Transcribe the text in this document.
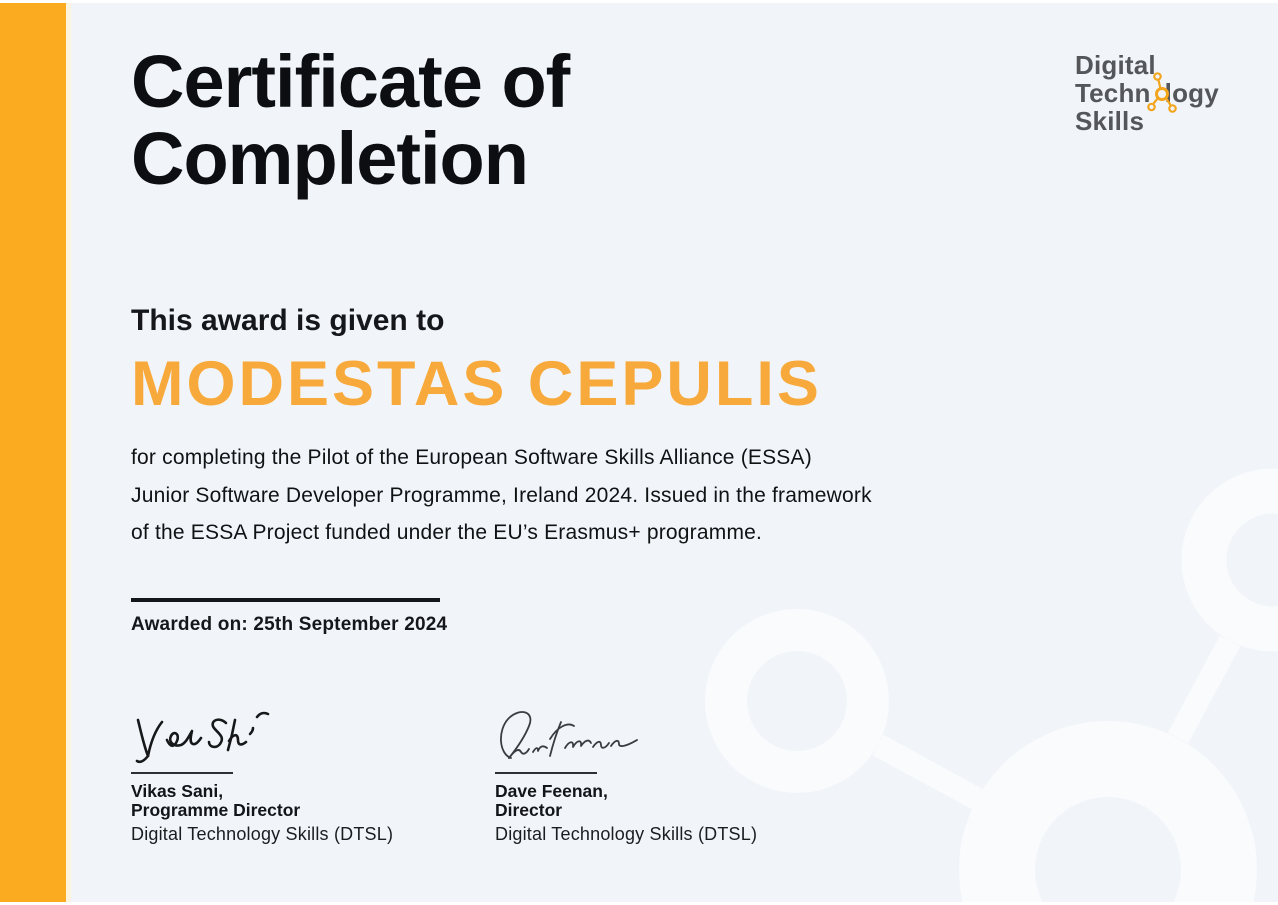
Certificate of
Completion
Digital
Techn logy
Skills
This award is given to
MODESTAS CEPULIS
for completing the Pilot of the European Software Skills Alliance (ESSA)
Junior Software Developer Programme, Ireland 2024. Issued in the framework
of the ESSA Project funded under the EU’s Erasmus+ programme.
Awarded on: 25th September 2024
Vikas Sani,
Programme Director
Digital Technology Skills (DTSL)
Dave Feenan,
Director
Digital Technology Skills (DTSL)
